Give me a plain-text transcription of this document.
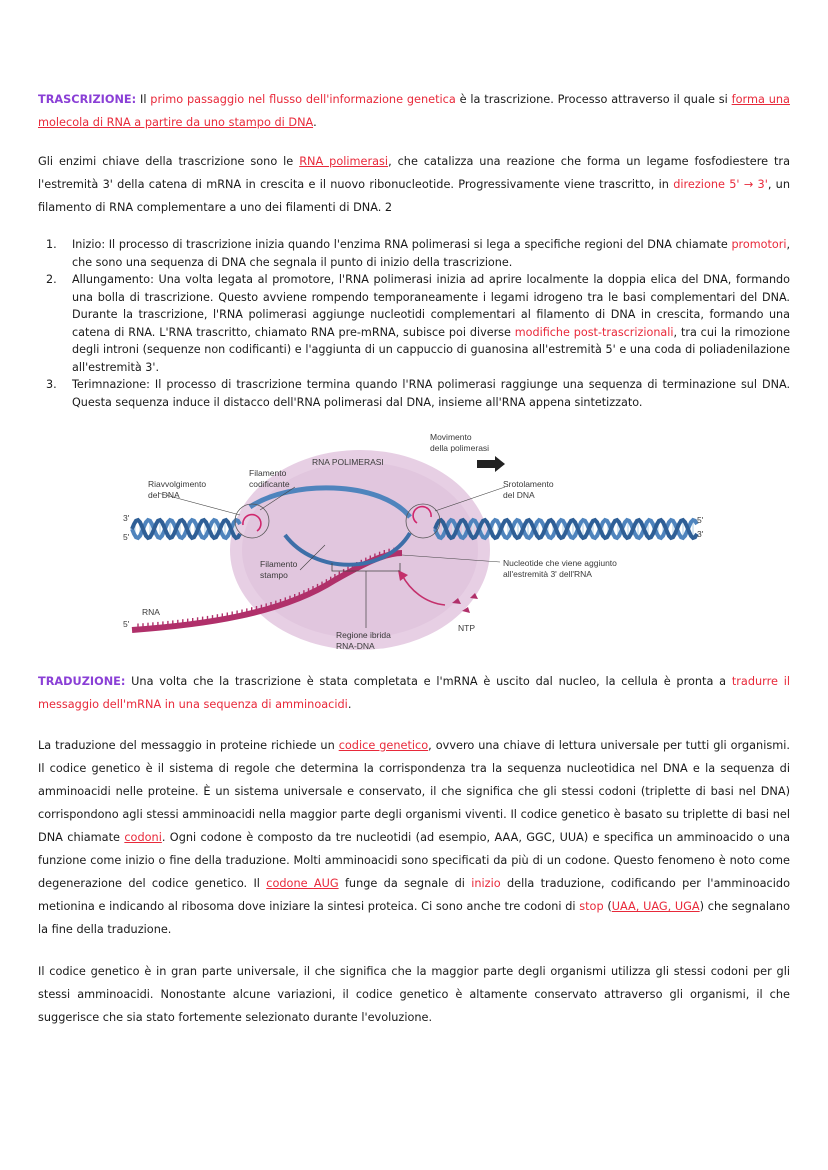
TRASCRIZIONE: Il primo passaggio nel flusso dell'informazione genetica è la trascrizione. Processo attraverso il quale si forma una molecola di RNA a partire da uno stampo di DNA.

Gli enzimi chiave della trascrizione sono le RNA polimerasi, che catalizza una reazione che forma un legame fosfodiestere tra l'estremità 3' della catena di mRNA in crescita e il nuovo ribonucleotide. Progressivamente viene trascritto, in direzione 5' → 3', un filamento di RNA complementare a uno dei filamenti di DNA. 2

1. Inizio: Il processo di trascrizione inizia quando l'enzima RNA polimerasi si lega a specifiche regioni del DNA chiamate promotori, che sono una sequenza di DNA che segnala il punto di inizio della trascrizione.
2. Allungamento: Una volta legata al promotore, l'RNA polimerasi inizia ad aprire localmente la doppia elica del DNA, formando una bolla di trascrizione. Questo avviene rompendo temporaneamente i legami idrogeno tra le basi complementari del DNA. Durante la trascrizione, l'RNA polimerasi aggiunge nucleotidi complementari al filamento di DNA in crescita, formando una catena di RNA. L'RNA trascritto, chiamato RNA pre-mRNA, subisce poi diverse modifiche post-trascrizionali, tra cui la rimozione degli introni (sequenze non codificanti) e l'aggiunta di un cappuccio di guanosina all'estremità 5' e una coda di poliadenilazione all'estremità 3'.
3. Terimnazione: Il processo di trascrizione termina quando l'RNA polimerasi raggiunge una sequenza di terminazione sul DNA. Questa sequenza induce il distacco dell'RNA polimerasi dal DNA, insieme all'RNA appena sintetizzato.
RNA POLIMERASI
Movimento
della polimerasi
Riavvolgimento
del DNA
Filamento
codificante	Srotolamento
del DNA
Filamento
stampo
Nucleotide che viene aggiunto
all'estremità 3' dell'RNA
RNA
Regione ibrida
RNA-DNA
NTP
3'
5'
5'
3'
5'

TRADUZIONE: Una volta che la trascrizione è stata completata e l'mRNA è uscito dal nucleo, la cellula è pronta a tradurre il messaggio dell'mRNA in una sequenza di amminoacidi.

La traduzione del messaggio in proteine richiede un codice genetico, ovvero una chiave di lettura universale per tutti gli organismi. Il codice genetico è il sistema di regole che determina la corrispondenza tra la sequenza nucleotidica nel DNA e la sequenza di amminoacidi nelle proteine. È un sistema universale e conservato, il che significa che gli stessi codoni (triplette di basi nel DNA) corrispondono agli stessi amminoacidi nella maggior parte degli organismi viventi. Il codice genetico è basato su triplette di basi nel DNA chiamate codoni. Ogni codone è composto da tre nucleotidi (ad esempio, AAA, GGC, UUA) e specifica un amminoacido o una funzione come inizio o fine della traduzione. Molti amminoacidi sono specificati da più di un codone. Questo fenomeno è noto come degenerazione del codice genetico. Il codone AUG funge da segnale di inizio della traduzione, codificando per l'amminoacido metionina e indicando al ribosoma dove iniziare la sintesi proteica. Ci sono anche tre codoni di stop (UAA, UAG, UGA) che segnalano la fine della traduzione.

Il codice genetico è in gran parte universale, il che significa che la maggior parte degli organismi utilizza gli stessi codoni per gli stessi amminoacidi. Nonostante alcune variazioni, il codice genetico è altamente conservato attraverso gli organismi, il che suggerisce che sia stato fortemente selezionato durante l'evoluzione.
